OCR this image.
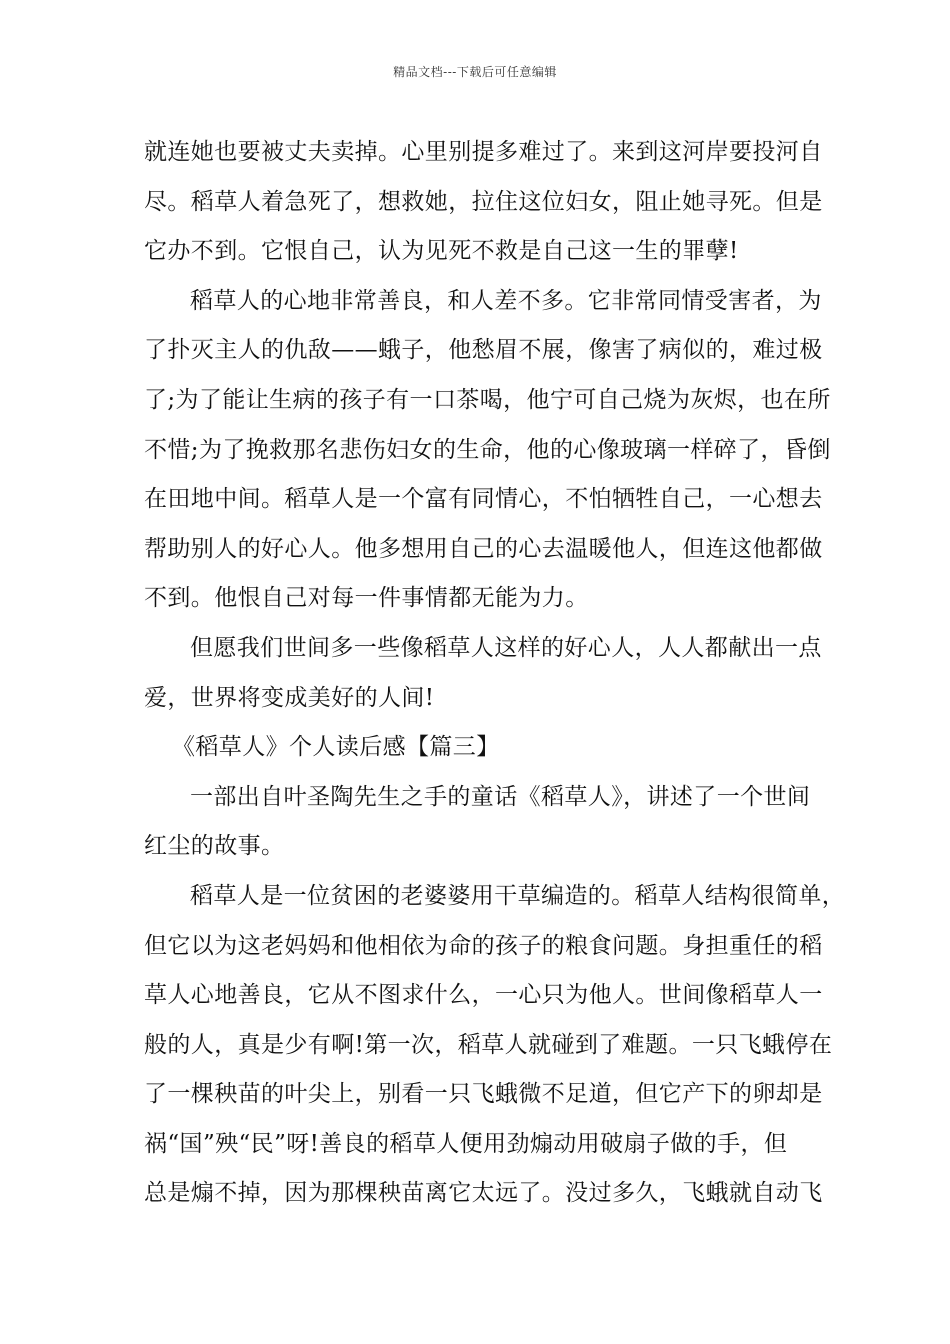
精品文档---下载后可任意编辑
就连她也要被丈夫卖掉。心里别提多难过了。来到这河岸要投河自
尽。稻草人着急死了，想救她，拉住这位妇女，阻止她寻死。但是
它办不到。它恨自己，认为见死不救是自己这一生的罪孽!
稻草人的心地非常善良，和人差不多。它非常同情受害者，为
了扑灭主人的仇敌——蛾子，他愁眉不展，像害了病似的，难过极
了;为了能让生病的孩子有一口茶喝，他宁可自己烧为灰烬，也在所
不惜;为了挽救那名悲伤妇女的生命，他的心像玻璃一样碎了，昏倒
在田地中间。稻草人是一个富有同情心，不怕牺牲自己，一心想去
帮助别人的好心人。他多想用自己的心去温暖他人，但连这他都做
不到。他恨自己对每一件事情都无能为力。
但愿我们世间多一些像稻草人这样的好心人，人人都献出一点
爱，世界将变成美好的人间!
《稻草人》个人读后感【篇三】
一部出自叶圣陶先生之手的童话《稻草人》，讲述了一个世间
红尘的故事。
稻草人是一位贫困的老婆婆用干草编造的。稻草人结构很简单，
但它以为这老妈妈和他相依为命的孩子的粮食问题。身担重任的稻
草人心地善良，它从不图求什么，一心只为他人。世间像稻草人一
般的人，真是少有啊!第一次，稻草人就碰到了难题。一只飞蛾停在
了一棵秧苗的叶尖上，别看一只飞蛾微不足道，但它产下的卵却是
祸“国”殃“民”呀!善良的稻草人便用劲煽动用破扇子做的手，但
总是煽不掉，因为那棵秧苗离它太远了。没过多久，飞蛾就自动飞
